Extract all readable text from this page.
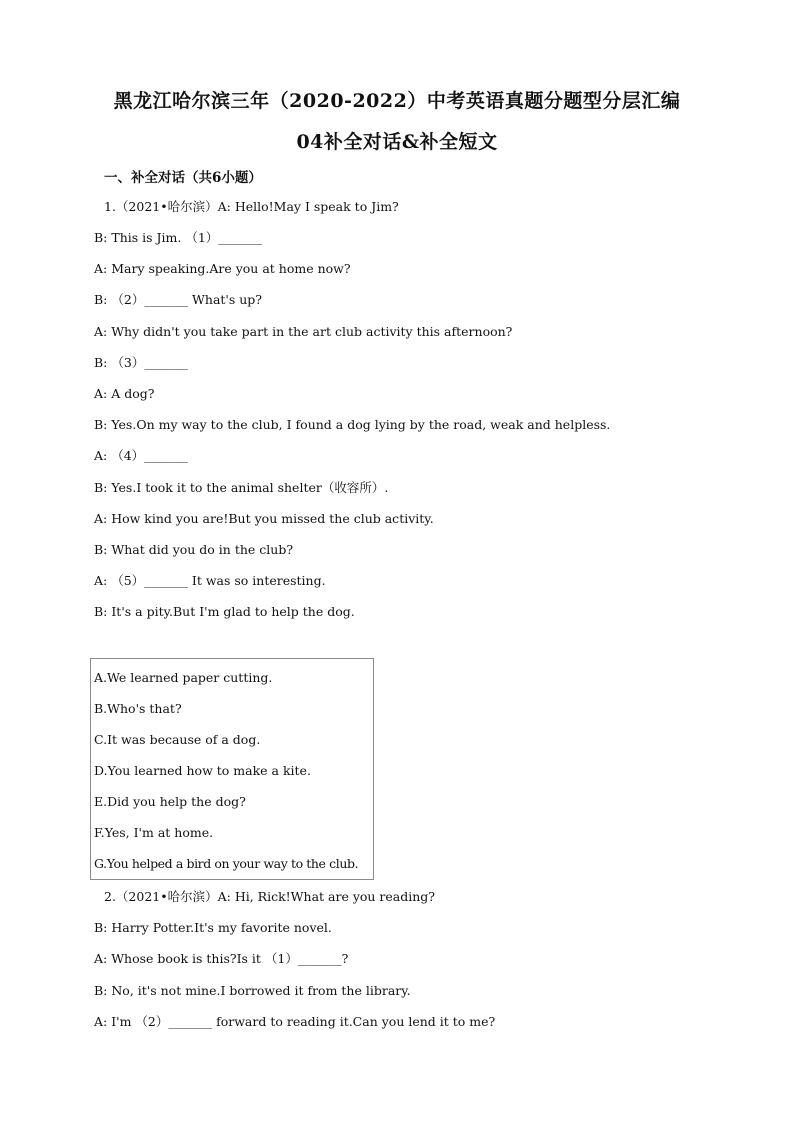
黑龙江哈尔滨三年（2020-2022）中考英语真题分题型分层汇编
04补全对话&补全短文
一、补全对话（共6小题）
1.（2021•哈尔滨）A: Hello!May I speak to Jim?
B: This is Jim. （1）_______
A: Mary speaking.Are you at home now?
B: （2）_______ What's up?
A: Why didn't you take part in the art club activity this afternoon?
B: （3）_______
A: A dog?
B: Yes.On my way to the club, I found a dog lying by the road, weak and helpless.
A: （4）_______
B: Yes.I took it to the animal shelter（收容所）.
A: How kind you are!But you missed the club activity.
B: What did you do in the club?
A: （5）_______ It was so interesting.
B: It's a pity.But I'm glad to help the dog.
A.We learned paper cutting.
B.Who's that?
C.It was because of a dog.
D.You learned how to make a kite.
E.Did you help the dog?
F.Yes, I'm at home.
G.You helped a bird on your way to the club.
2.（2021•哈尔滨）A: Hi, Rick!What are you reading?
B: Harry Potter.It's my favorite novel.
A: Whose book is this?Is it （1）_______?
B: No, it's not mine.I borrowed it from the library.
A: I'm （2）_______ forward to reading it.Can you lend it to me?
